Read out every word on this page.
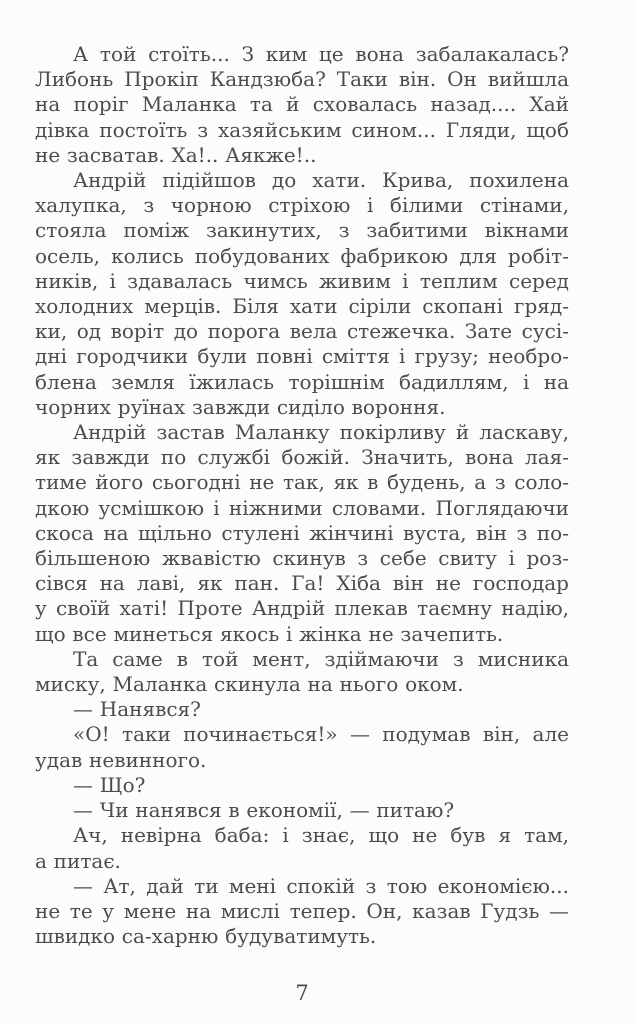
А той стоїть... З ким це вона забалакалась?
Либонь Прокіп Кандзюба? Таки він. Он вийшла
на поріг Маланка та й сховалась назад.... Хай
дівка постоїть з хазяйським сином... Гляди, щоб
не засватав. Ха!.. Аякже!..
Андрій підійшов до хати. Крива, похилена
халупка, з чорною стріхою і білими стінами,
стояла поміж закинутих, з забитими вікнами
осель, колись побудованих фабрикою для робіт-
ників, і здавалась чимсь живим і теплим серед
холодних мерців. Біля хати сіріли скопані гряд-
ки, од воріт до порога вела стежечка. Зате сусі-
дні городчики були повні сміття і грузу; необро-
блена земля їжилась торішнім бадиллям, і на
чорних руїнах завжди сиділо вороння.
Андрій застав Маланку покірливу й ласкаву,
як завжди по службі божій. Значить, вона лая-
тиме його сьогодні не так, як в будень, а з соло-
дкою усмішкою і ніжними словами. Поглядаючи
скоса на щільно стулені жінчині вуста, він з по-
більшеною жвавістю скинув з себе свиту і роз-
сівся на лаві, як пан. Га! Хіба він не господар
у своїй хаті! Проте Андрій плекав таємну надію,
що все минеться якось і жінка не зачепить.
Та саме в той мент, здіймаючи з мисника
миску, Маланка скинула на нього оком.
— Нанявся?
«О! таки починається!» — подумав він, але
удав невинного.
— Що?
— Чи нанявся в економії, — питаю?
Ач, невірна баба: і знає, що не був я там,
а питає.
— Ат, дай ти мені спокій з тою економією...
не те у мене на мислі тепер. Он, казав Гудзь —
швидко са-харню будуватимуть.
7
